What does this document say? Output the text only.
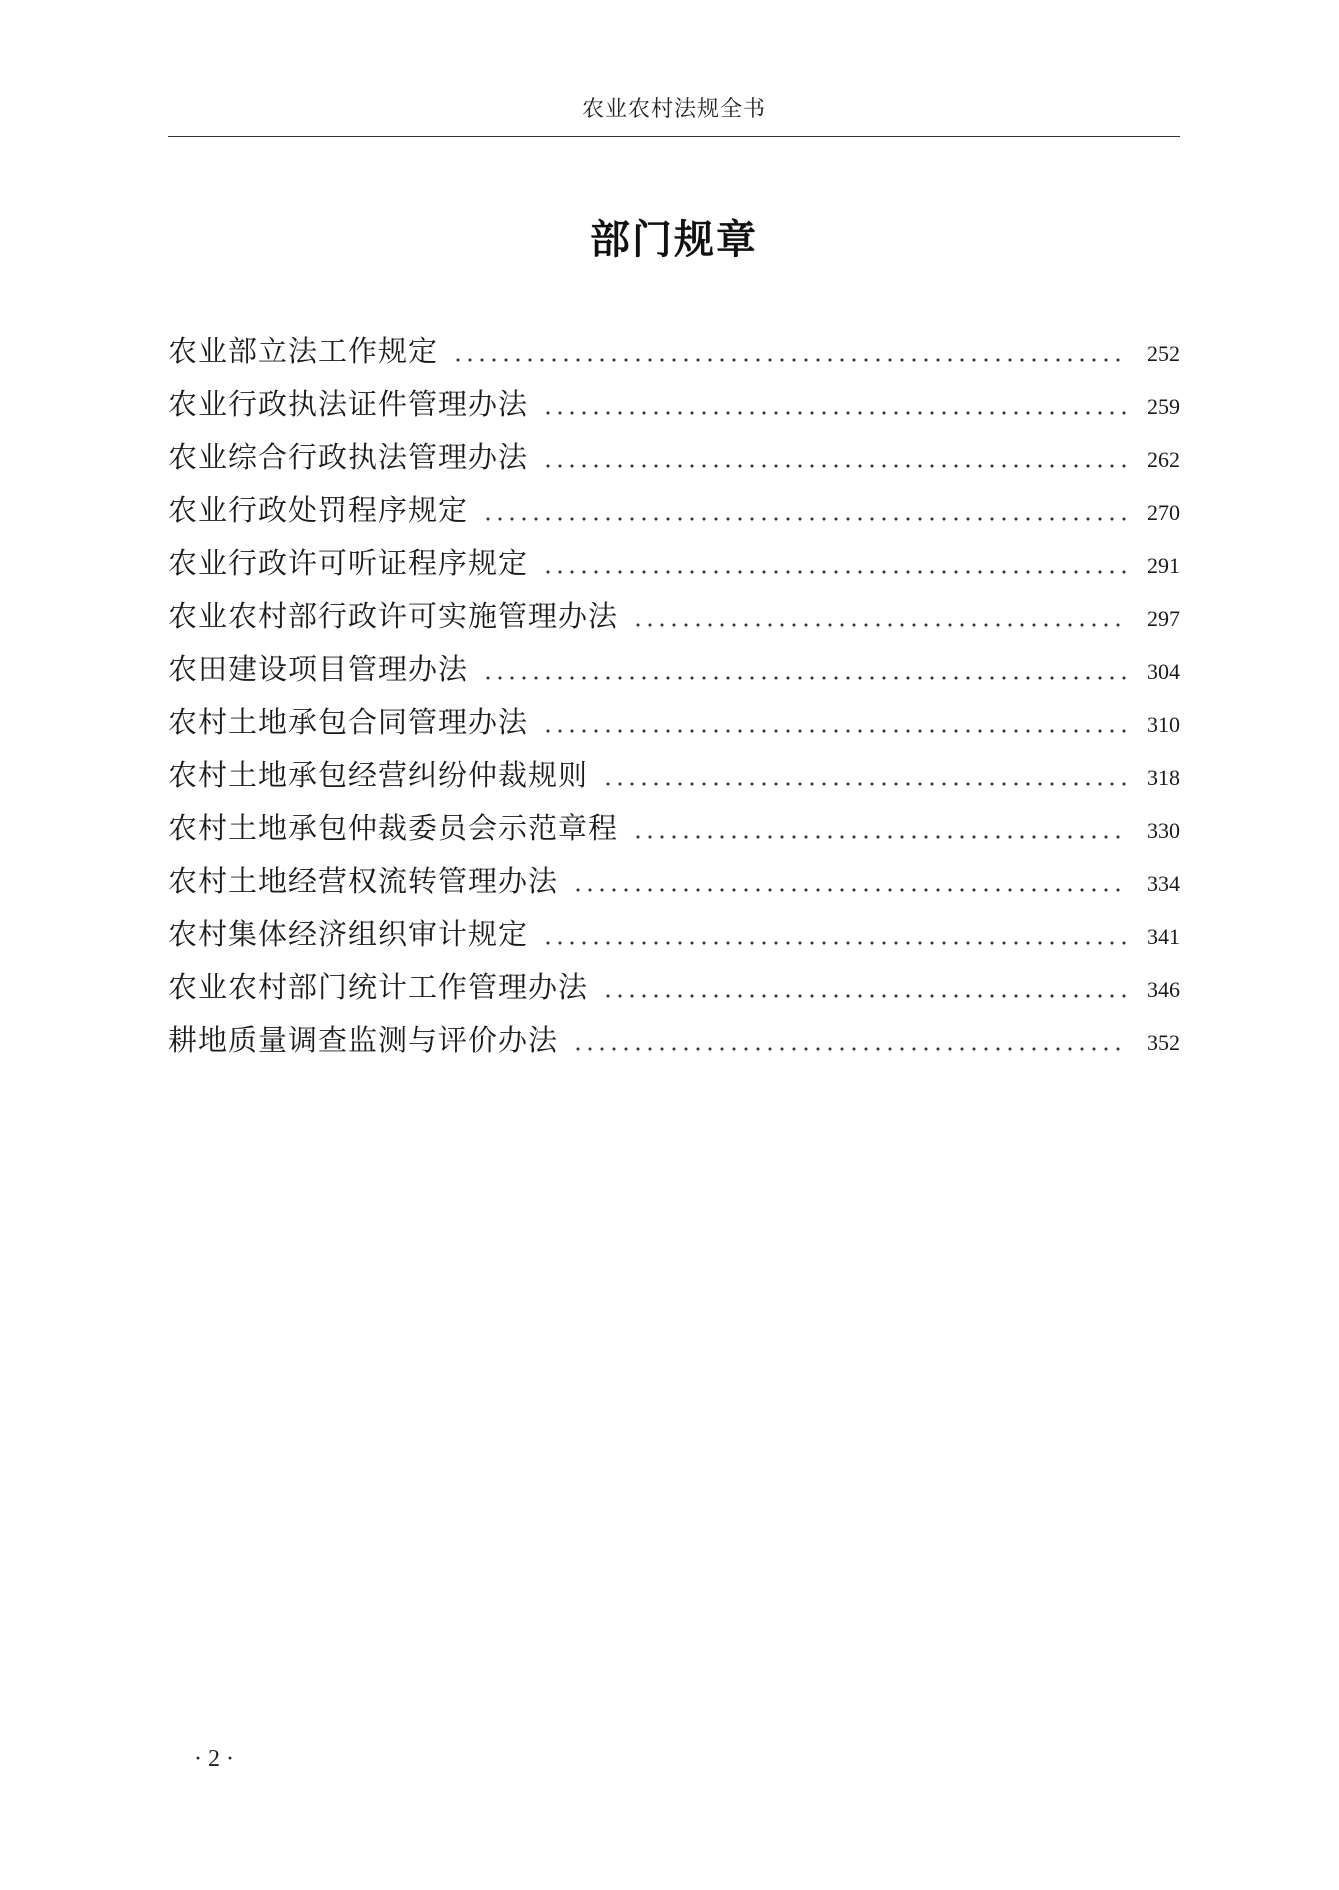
农业农村法规全书
部门规章
农业部立法工作规定	252
农业行政执法证件管理办法	259
农业综合行政执法管理办法	262
农业行政处罚程序规定	270
农业行政许可听证程序规定	291
农业农村部行政许可实施管理办法	297
农田建设项目管理办法	304
农村土地承包合同管理办法	310
农村土地承包经营纠纷仲裁规则	318
农村土地承包仲裁委员会示范章程	330
农村土地经营权流转管理办法	334
农村集体经济组织审计规定	341
农业农村部门统计工作管理办法	346
耕地质量调查监测与评价办法	352
· 2 ·
